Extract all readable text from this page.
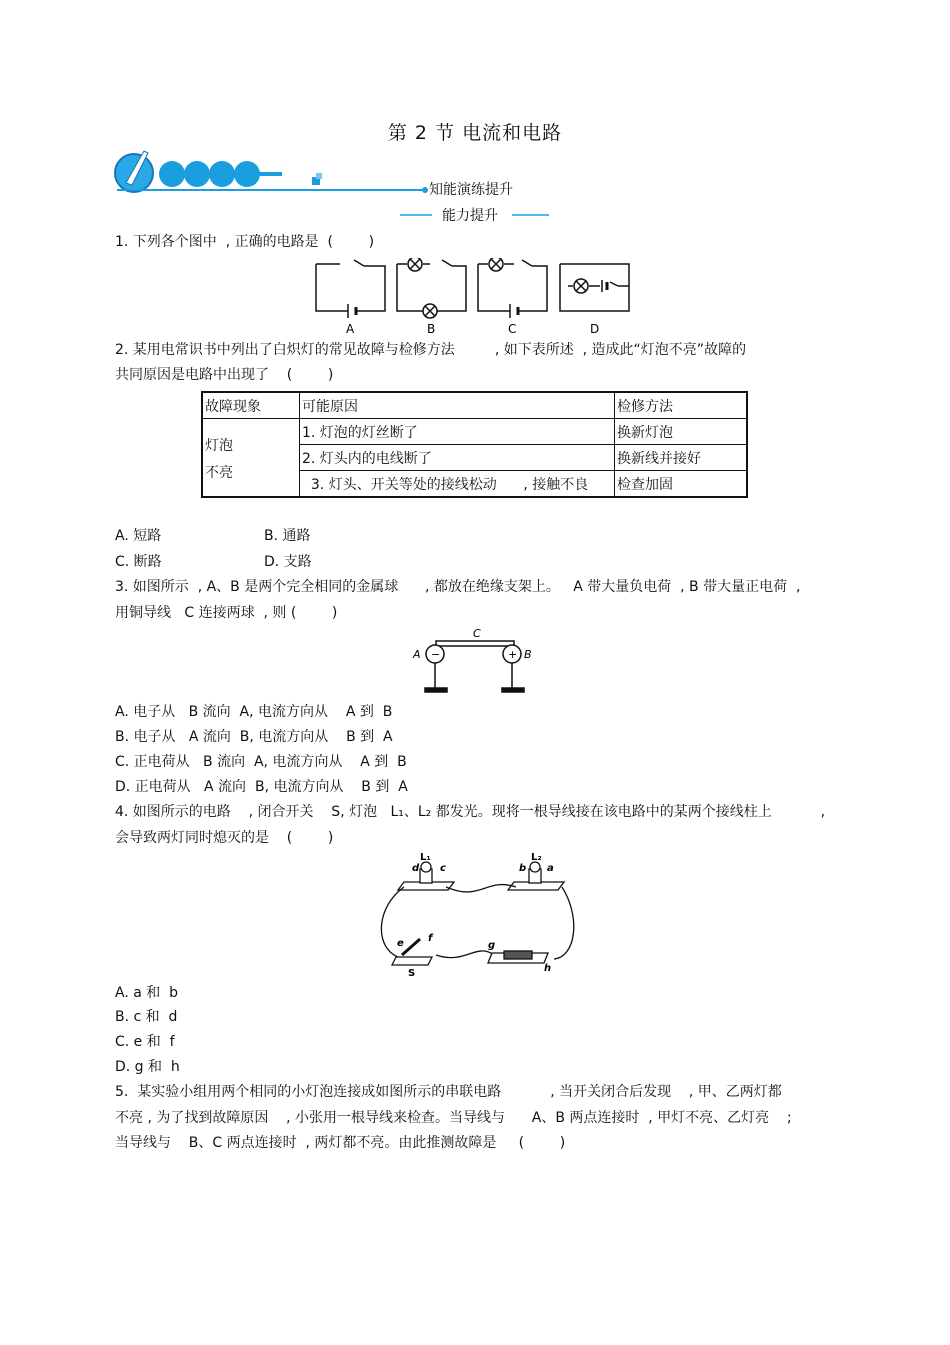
第 2 节 电流和电路
知能演练提升
能力提升
1. 下列各个图中  , 正确的电路是  (        )
A	B	C	D
2. 某用电常识书中列出了白炽灯的常见故障与检修方法         , 如下表所述  , 造成此“灯泡不亮”故障的
共同原因是电路中出现了    (        )
故障现象	可能原因	检修方法

灯泡
不亮	1. 灯泡的灯丝断了	换新灯泡
	2. 灯头内的电线断了	换新线并接好
	3. 灯头、开关等处的接线松动      , 接触不良	检查加固
A. 短路	B. 通路
C. 断路	D. 支路
3. 如图所示  , A、B 是两个完全相同的金属球      , 都放在绝缘支架上。   A 带大量负电荷  , B 带大量正电荷  ,
用铜导线   C 连接两球  , 则 (        )
−	+
A	B
C
A. 电子从   B 流向  A, 电流方向从    A 到  B
B. 电子从   A 流向  B, 电流方向从    B 到  A
C. 正电荷从   B 流向  A, 电流方向从    A 到  B
D. 正电荷从   A 流向  B, 电流方向从    B 到  A
4. 如图所示的电路    , 闭合开关    S, 灯泡   L₁、L₂ 都发光。现将一根导线接在该电路中的某两个接线柱上           ,
会导致两灯同时熄灭的是    (        )
L₁	L₂
d c	b a
e f
g
h
S
A. a 和  b
B. c 和  d
C. e 和  f
D. g 和  h
5.  某实验小组用两个相同的小灯泡连接成如图所示的串联电路           , 当开关闭合后发现    , 甲、乙两灯都
不亮 , 为了找到故障原因    , 小张用一根导线来检查。当导线与      A、B 两点连接时  , 甲灯不亮、乙灯亮    ;
当导线与    B、C 两点连接时  , 两灯都不亮。由此推测故障是     (        )
